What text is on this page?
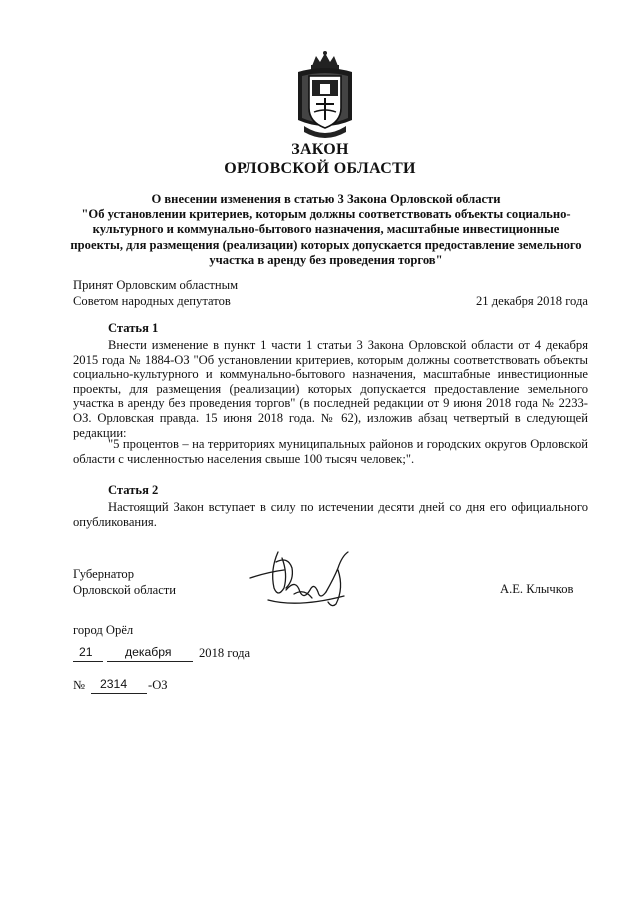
ЗАКОН
ОРЛОВСКОЙ ОБЛАСТИ
О внесении изменения в статью 3 Закона Орловской области
"Об установлении критериев, которым должны соответствовать объекты социально-культурного и коммунально-бытового назначения, масштабные инвестиционные проекты, для размещения (реализации) которых допускается предоставление земельного участка в аренду без проведения торгов"
Принят Орловским областным
Советом народных депутатов	21 декабря 2018 года
Статья 1

Внести изменение в пункт 1 части 1 статьи 3 Закона Орловской области от 4 декабря 2015 года № 1884-ОЗ "Об установлении критериев, которым должны соответствовать объекты социально-культурного и коммунально-бытового назначения, масштабные инвестиционные проекты, для размещения (реализации) которых допускается предоставление земельного участка в аренду без проведения торгов" (в последней редакции от 9 июня 2018 года № 2233-ОЗ. Орловская правда. 15 июня 2018 года. № 62), изложив абзац четвертый в следующей редакции:

"5 процентов – на территориях муниципальных районов и городских округов Орловской области с численностью населения свыше 100 тысяч человек;".

Статья 2

Настоящий Закон вступает в силу по истечении десяти дней со дня его официального опубликования.

Губернатор
Орловской области	А.Е. Клычков
город Орёл
21	декабря 2018 года
№ 2314 -ОЗ
